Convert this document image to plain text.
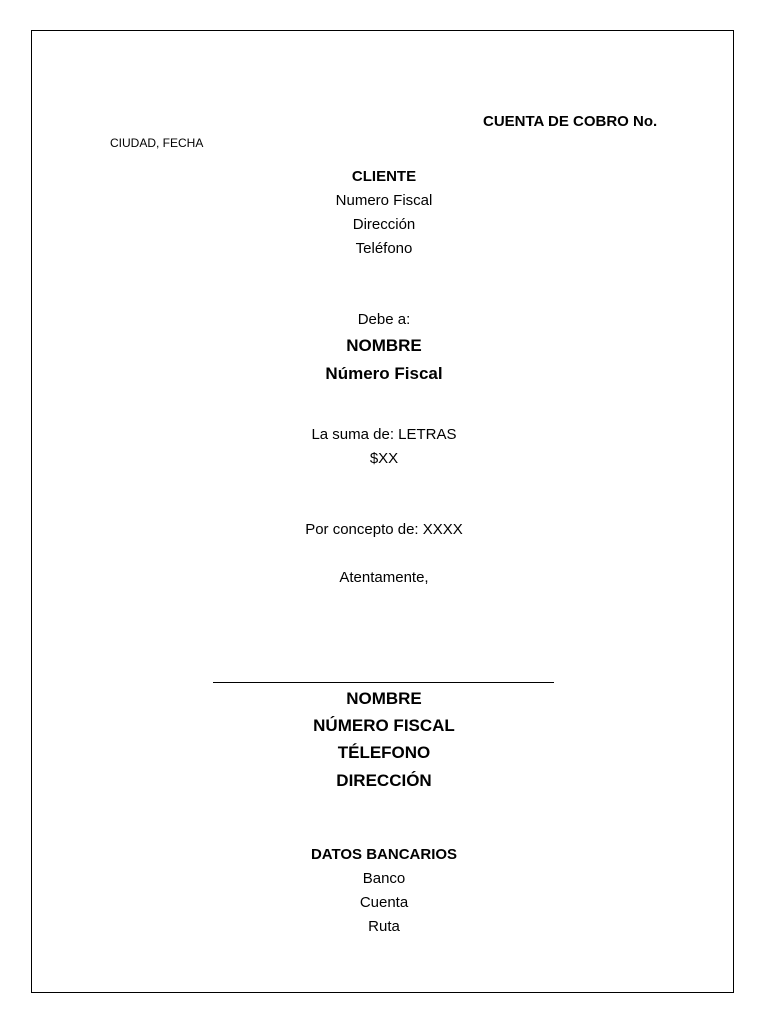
CUENTA DE COBRO No.
CIUDAD, FECHA
CLIENTE
Numero Fiscal
Dirección
Teléfono
Debe a:
NOMBRE
Número Fiscal
La suma de: LETRAS
$XX
Por concepto de: XXXX
Atentamente,
NOMBRE
NÚMERO FISCAL
TÉLEFONO
DIRECCIÓN
DATOS BANCARIOS
Banco
Cuenta
Ruta
